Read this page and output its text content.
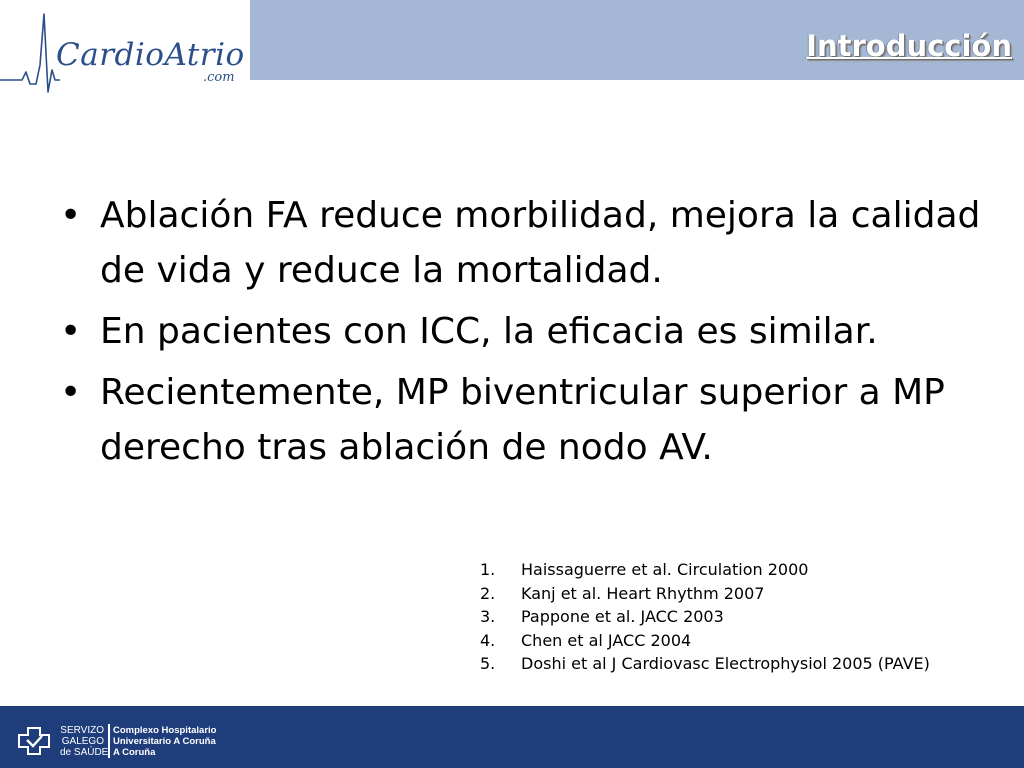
CardioAtrio
.com
Introducción
• Ablación FA reduce morbilidad, mejora la calidad de vida y reduce la mortalidad.
• En pacientes con ICC, la eficacia es similar.
• Recientemente, MP biventricular superior a MP derecho tras ablación de nodo AV.
1. Haissaguerre et al. Circulation 2000
2. Kanj et al. Heart Rhythm 2007
3. Pappone et al. JACC 2003
4. Chen et al JACC 2004
5. Doshi et al J Cardiovasc Electrophysiol 2005 (PAVE)
SERVIZO
GALEGO
de SAÚDE
Complexo Hospitalario
Universitario A Coruña
A Coruña
